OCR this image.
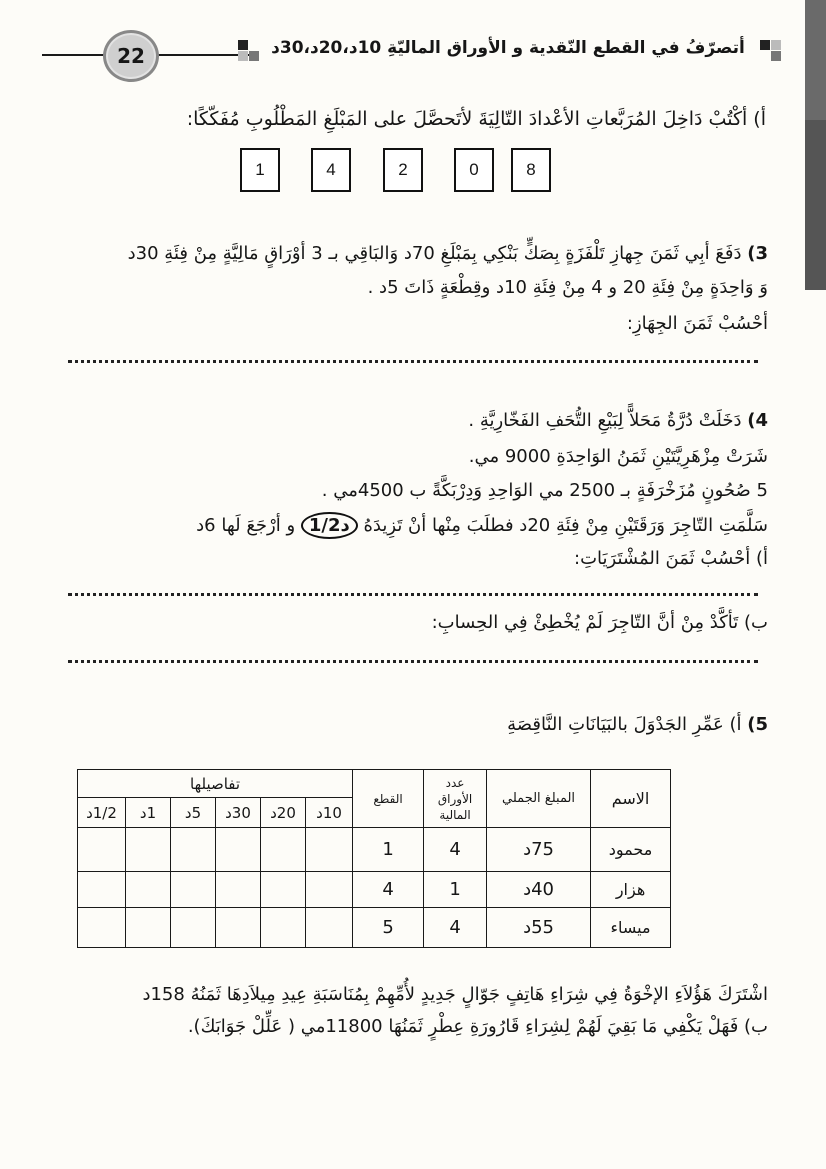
22	أتصرّفُ في القطع النّقدية و الأوراق الماليّةِ 10د،20د،30د
أ) أكْتُبْ دَاخِلَ المُرَبَّعاتِ الأعْدادَ التّالِيَةَ لأتَحصَّلَ على المَبْلَغِ المَطْلُوبِ مُفَكّكًا:
1	4	2	0	8
3) دَفَعَ أبِي ثَمَنَ جِهازِ تَلْفَزَةٍ بِصَكٍّ بَنْكِي بِمَبْلَغِ 70د وَالبَاقِي بـ 3 أوْرَاقٍ مَالِيَّةٍ مِنْ فِئَةِ 30د
وَ وَاحِدَةٍ مِنْ فِئَةِ 20 و 4 مِنْ فِئَةِ 10د وقِطْعَةٍ ذَاتَ 5د .
أحْسُبْ ثَمَنَ الجِهَازِ:
4) دَخَلَتْ دُرَّةُ مَحَلاًّ لِبَيْعِ التُّحَفِ الفَخّارِيَّةِ .
شَرَتْ مِزْهَرِيَّتَيْنِ ثَمَنُ الوَاحِدَةِ 9000 مي.
5 صُحُونٍ مُزَخْرَفَةٍ بـ 2500 مي الوَاحِدِ وَدِرْبَكَّةً ب 4500مي .
سَلَّمَتِ التّاجِرَ وَرَقَتَيْنِ مِنْ فِئَةِ 20د فطلَبَ مِنْها أنْ تَزِيدَهُ 1/2د و أرْجَعَ لَها 6د
أ) أحْسُبْ ثَمَنَ المُشْتَرَيَاتِ:
ب) تَأكَّدْ مِنْ أنَّ التّاجِرَ لَمْ يُخْطِئْ فِي الحِسابِ:
5) أ) عَمِّرِ الجَدْوَلَ بالبَيَانَاتِ النَّاقِصَةِ
تفاصيلها						القطع	عدد الأوراق المالية	المبلغ الجملي	الاسم
1/2د	1د	5د	30د	20د	10د				
						1	4	75د	محمود
						4	1	40د	هزار
						5	4	55د	ميساء
اشْتَرَكَ هَؤُلاَءِ الإخْوَةُ فِي شِرَاءِ هَاتِفٍ جَوّالٍ جَدِيدٍ لأُمِّهِمْ بِمُنَاسَبَةِ عِيدِ مِيلاَدِهَا ثَمَنُهُ 158د
ب) فَهَلْ يَكْفِي مَا بَقِيَ لَهُمْ لِشِرَاءِ قَارُورَةِ عِطْرٍ ثَمَنُهَا 11800مي ( عَلِّلْ جَوَابَكَ).
